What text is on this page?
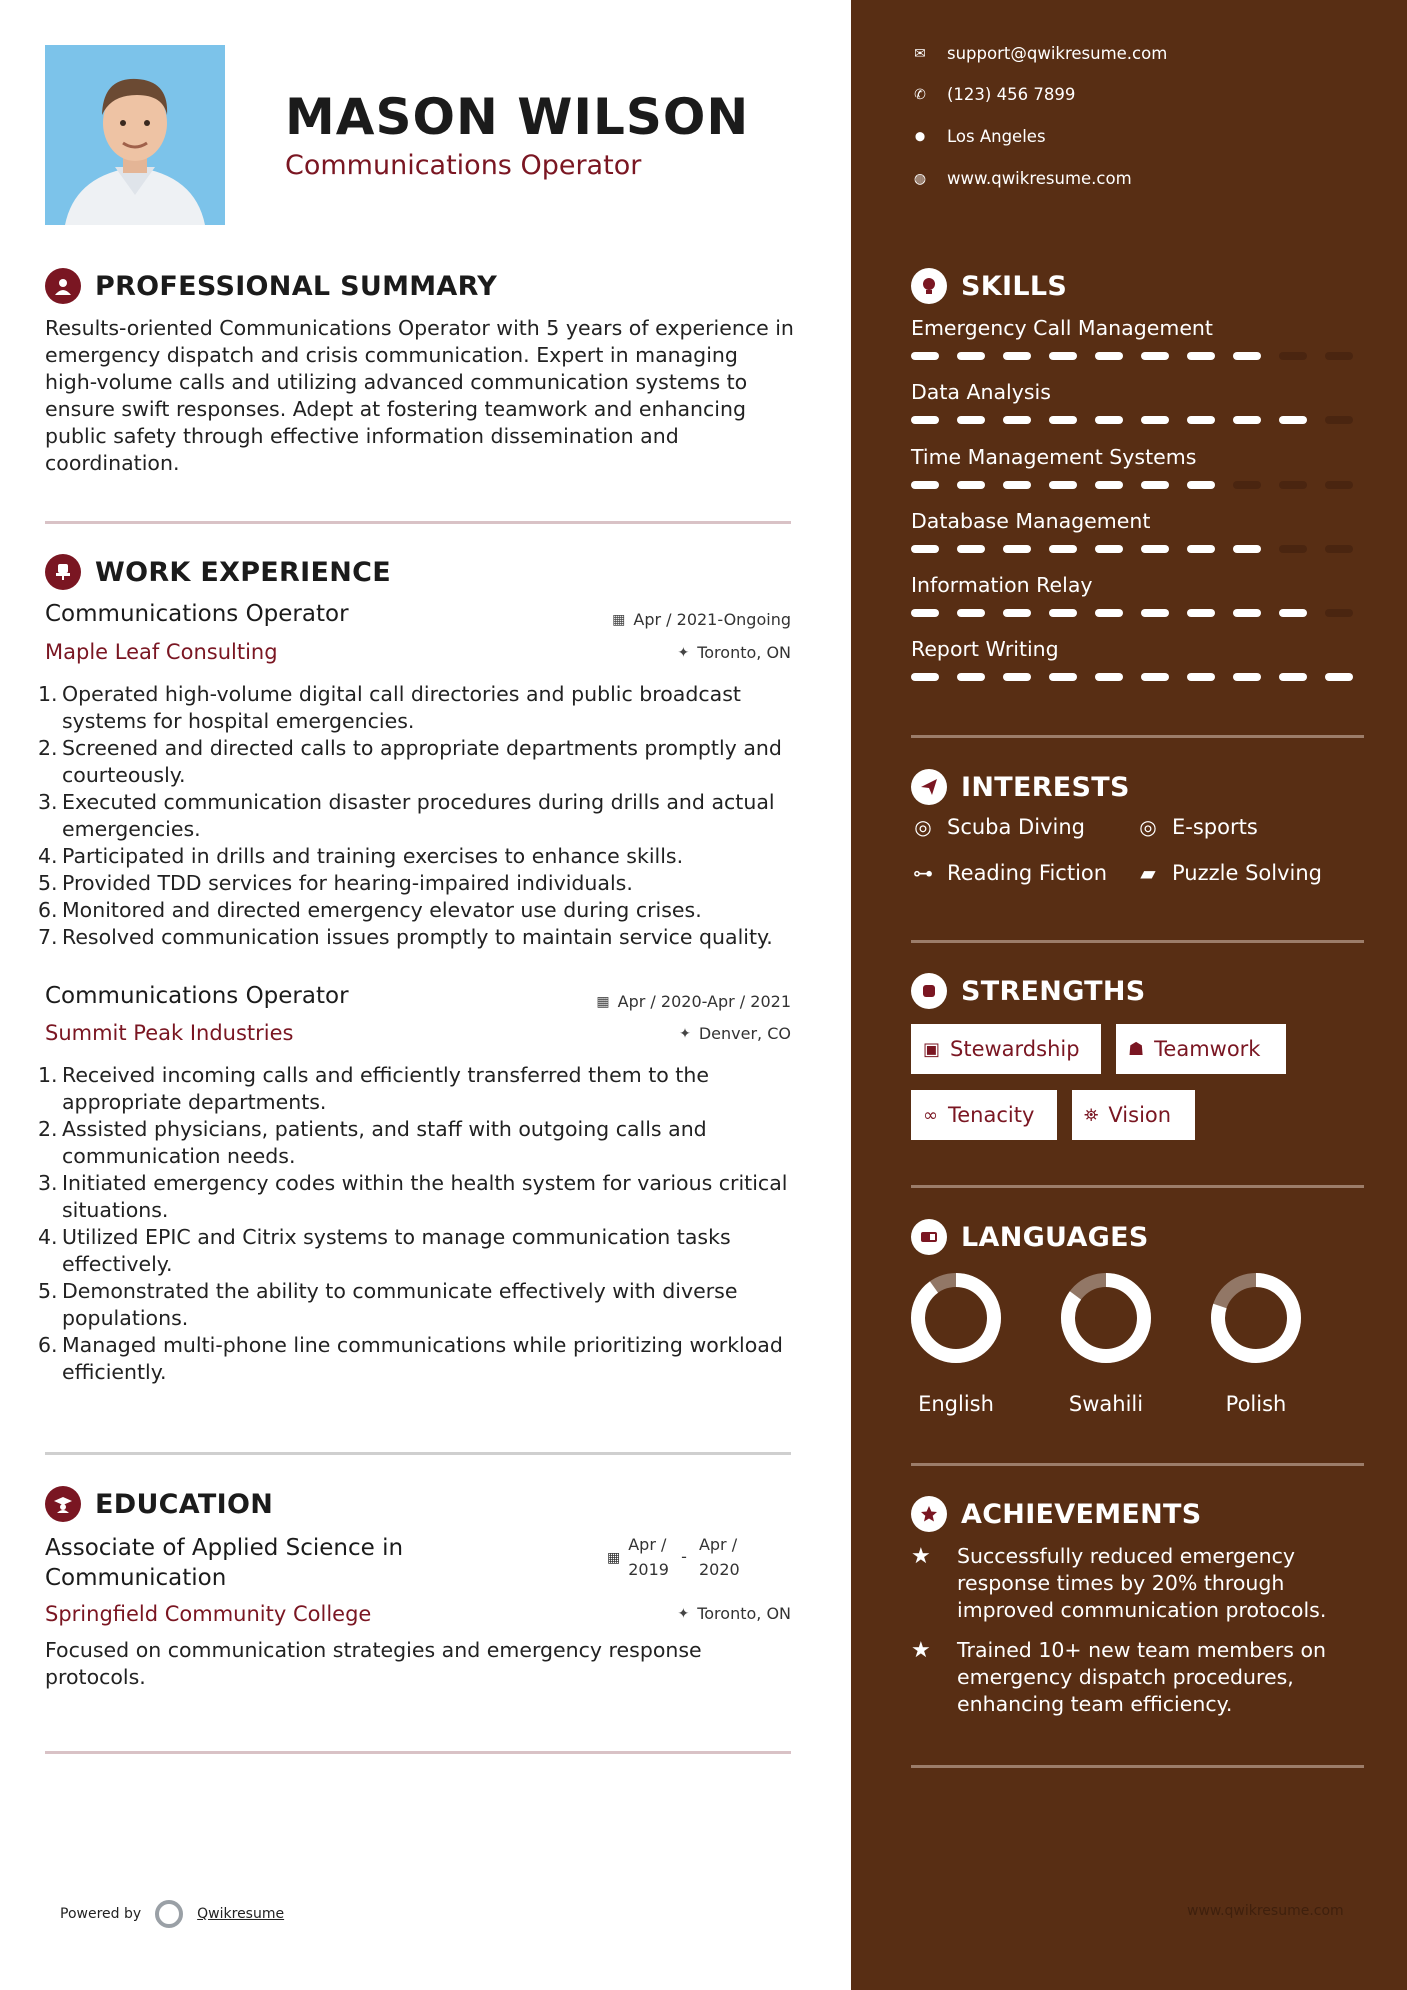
MASON WILSON
Communications Operator
PROFESSIONAL SUMMARY
Results-oriented Communications Operator with 5 years of experience in emergency dispatch and crisis communication. Expert in managing high-volume calls and utilizing advanced communication systems to ensure swift responses. Adept at fostering teamwork and enhancing public safety through effective information dissemination and coordination.
WORK EXPERIENCE
Communications Operator	▦ Apr / 2021-Ongoing
Maple Leaf Consulting	✦ Toronto, ON
1. Operated high-volume digital call directories and public broadcast systems for hospital emergencies.
2. Screened and directed calls to appropriate departments promptly and courteously.
3. Executed communication disaster procedures during drills and actual emergencies.
4. Participated in drills and training exercises to enhance skills.
5. Provided TDD services for hearing-impaired individuals.
6. Monitored and directed emergency elevator use during crises.
7. Resolved communication issues promptly to maintain service quality.
Communications Operator	▦ Apr / 2020-Apr / 2021
Summit Peak Industries	✦ Denver, CO
1. Received incoming calls and efficiently transferred them to the appropriate departments.
2. Assisted physicians, patients, and staff with outgoing calls and communication needs.
3. Initiated emergency codes within the health system for various critical situations.
4. Utilized EPIC and Citrix systems to manage communication tasks effectively.
5. Demonstrated the ability to communicate effectively with diverse populations.
6. Managed multi-phone line communications while prioritizing workload efficiently.
EDUCATION
Associate of Applied Science in
Communication
▦
Apr /
2019
-
Apr /
2020
Springfield Community College	✦ Toronto, ON
Focused on communication strategies and emergency response protocols.
Powered by	Qwikresume
✉ support@qwikresume.com
✆ (123) 456 7899
⬤ Los Angeles
◍ www.qwikresume.com
SKILLS
Emergency Call Management
Data Analysis
Time Management Systems
Database Management
Information Relay
Report Writing
INTERESTS
◎ Scuba Diving	◎ E-sports
⊶ Reading Fiction ▰ Puzzle Solving
STRENGTHS
▣ Stewardship	☗ Teamwork
∞ Tenacity	⛯ Vision
LANGUAGES
English	Swahili	Polish
ACHIEVEMENTS
★	Successfully reduced emergency response times by 20% through improved communication protocols.
★	Trained 10+ new team members on emergency dispatch procedures, enhancing team efficiency.
www.qwikresume.com
